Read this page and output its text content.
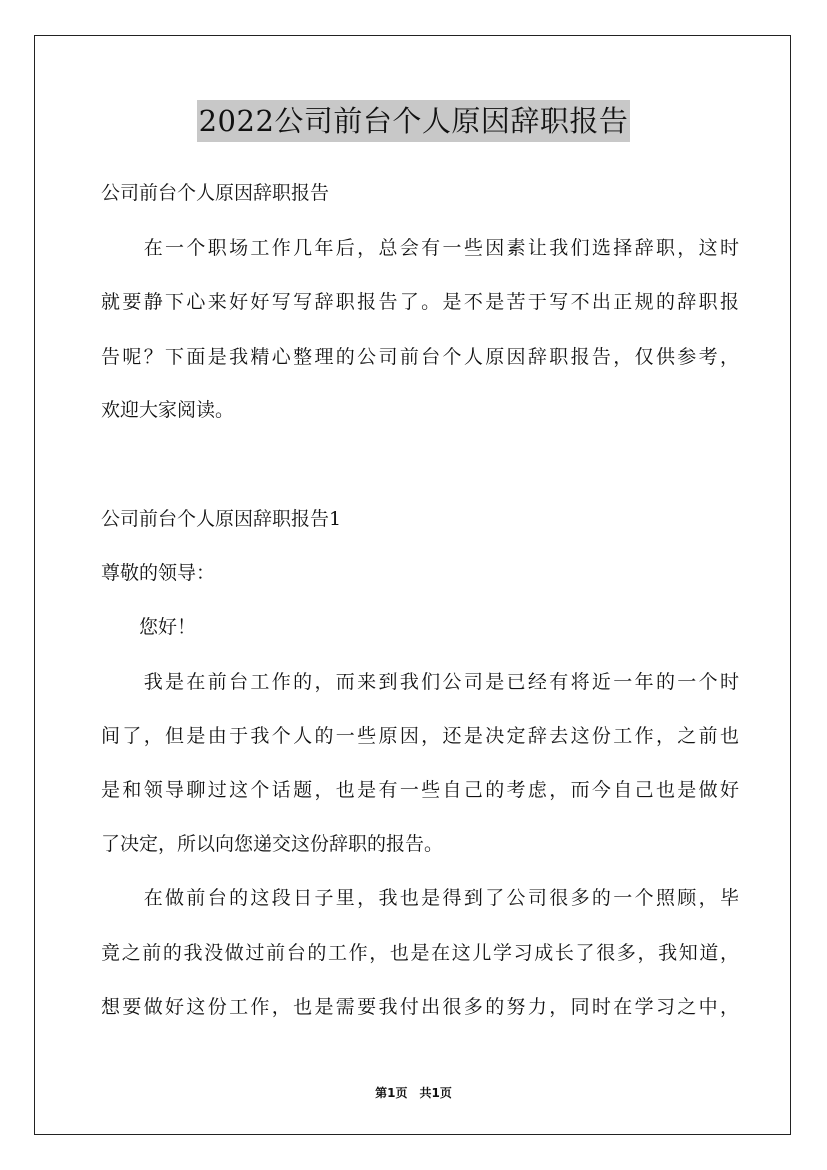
2022公司前台个人原因辞职报告
公司前台个人原因辞职报告
　　在一个职场工作几年后，总会有一些因素让我们选择辞职，这时
就要静下心来好好写写辞职报告了。是不是苦于写不出正规的辞职报
告呢？下面是我精心整理的公司前台个人原因辞职报告，仅供参考，
欢迎大家阅读。
公司前台个人原因辞职报告1
尊敬的领导：
　　您好！
　　我是在前台工作的，而来到我们公司是已经有将近一年的一个时
间了，但是由于我个人的一些原因，还是决定辞去这份工作，之前也
是和领导聊过这个话题，也是有一些自己的考虑，而今自己也是做好
了决定，所以向您递交这份辞职的报告。
　　在做前台的这段日子里，我也是得到了公司很多的一个照顾，毕
竟之前的我没做过前台的工作，也是在这儿学习成长了很多，我知道，
想要做好这份工作，也是需要我付出很多的努力，同时在学习之中，
第1页　共1页
